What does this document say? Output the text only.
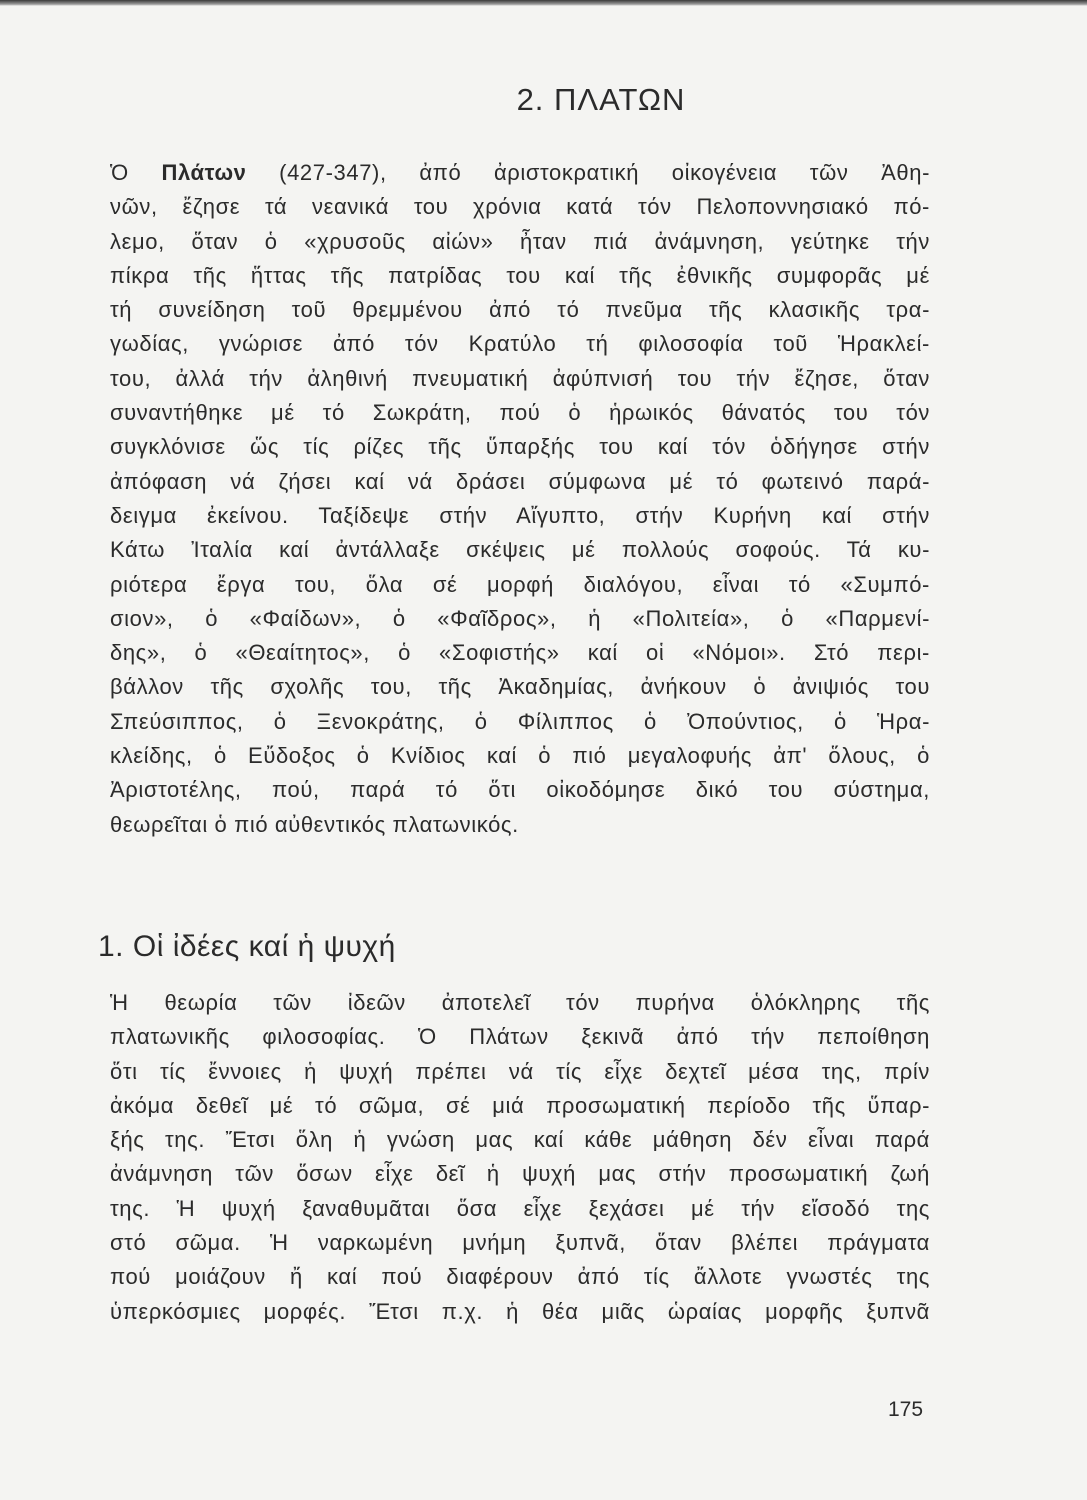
2. ΠΛΑΤΩΝ
Ὁ Πλάτων (427-347), ἀπό ἀριστοκρατική οἰκογένεια τῶν Ἀθη-
νῶν, ἔζησε τά νεανικά του χρόνια κατά τόν Πελοποννησιακό πό-
λεμο, ὅταν ὁ «χρυσοῦς αἰών» ἦταν πιά ἀνάμνηση, γεύτηκε τήν
πίκρα τῆς ἥττας τῆς πατρίδας του καί τῆς ἐθνικῆς συμφορᾶς μέ
τή συνείδηση τοῦ θρεμμένου ἀπό τό πνεῦμα τῆς κλασικῆς τρα-
γωδίας, γνώρισε ἀπό τόν Κρατύλο τή φιλοσοφία τοῦ Ἡρακλεί-
του, ἀλλά τήν ἀληθινή πνευματική ἀφύπνισή του τήν ἔζησε, ὅταν
συναντήθηκε μέ τό Σωκράτη, πού ὁ ἡρωικός θάνατός του τόν
συγκλόνισε ὥς τίς ρίζες τῆς ὕπαρξής του καί τόν ὁδήγησε στήν
ἀπόφαση νά ζήσει καί νά δράσει σύμφωνα μέ τό φωτεινό παρά-
δειγμα ἐκείνου. Ταξίδεψε στήν Αἴγυπτο, στήν Κυρήνη καί στήν
Κάτω Ἰταλία καί ἀντάλλαξε σκέψεις μέ πολλούς σοφούς. Τά κυ-
ριότερα ἔργα του, ὅλα σέ μορφή διαλόγου, εἶναι τό «Συμπό-
σιον», ὁ «Φαίδων», ὁ «Φαῖδρος», ἡ «Πολιτεία», ὁ «Παρμενί-
δης», ὁ «Θεαίτητος», ὁ «Σοφιστής» καί οἱ «Νόμοι». Στό περι-
βάλλον τῆς σχολῆς του, τῆς Ἀκαδημίας, ἀνήκουν ὁ ἀνιψιός του
Σπεύσιππος, ὁ Ξενοκράτης, ὁ Φίλιππος ὁ Ὀπούντιος, ὁ Ἡρα-
κλείδης, ὁ Εὔδοξος ὁ Κνίδιος καί ὁ πιό μεγαλοφυής ἀπ' ὅλους, ὁ
Ἀριστοτέλης, πού, παρά τό ὅτι οἰκοδόμησε δικό του σύστημα,
θεωρεῖται ὁ πιό αὐθεντικός πλατωνικός.
1. Οἱ ἰδέες καί ἡ ψυχή
Ἡ θεωρία τῶν ἰδεῶν ἀποτελεῖ τόν πυρήνα ὁλόκληρης τῆς
πλατωνικῆς φιλοσοφίας. Ὁ Πλάτων ξεκινᾶ ἀπό τήν πεποίθηση
ὅτι τίς ἔννοιες ἡ ψυχή πρέπει νά τίς εἶχε δεχτεῖ μέσα της, πρίν
ἀκόμα δεθεῖ μέ τό σῶμα, σέ μιά προσωματική περίοδο τῆς ὕπαρ-
ξής της. Ἔτσι ὅλη ἡ γνώση μας καί κάθε μάθηση δέν εἶναι παρά
ἀνάμνηση τῶν ὅσων εἶχε δεῖ ἡ ψυχή μας στήν προσωματική ζωή
της. Ἡ ψυχή ξαναθυμᾶται ὅσα εἶχε ξεχάσει μέ τήν εἴσοδό της
στό σῶμα. Ἡ ναρκωμένη μνήμη ξυπνᾶ, ὅταν βλέπει πράγματα
πού μοιάζουν ἤ καί πού διαφέρουν ἀπό τίς ἄλλοτε γνωστές της
ὑπερκόσμιες μορφές. Ἔτσι π.χ. ἡ θέα μιᾶς ὡραίας μορφῆς ξυπνᾶ
175
